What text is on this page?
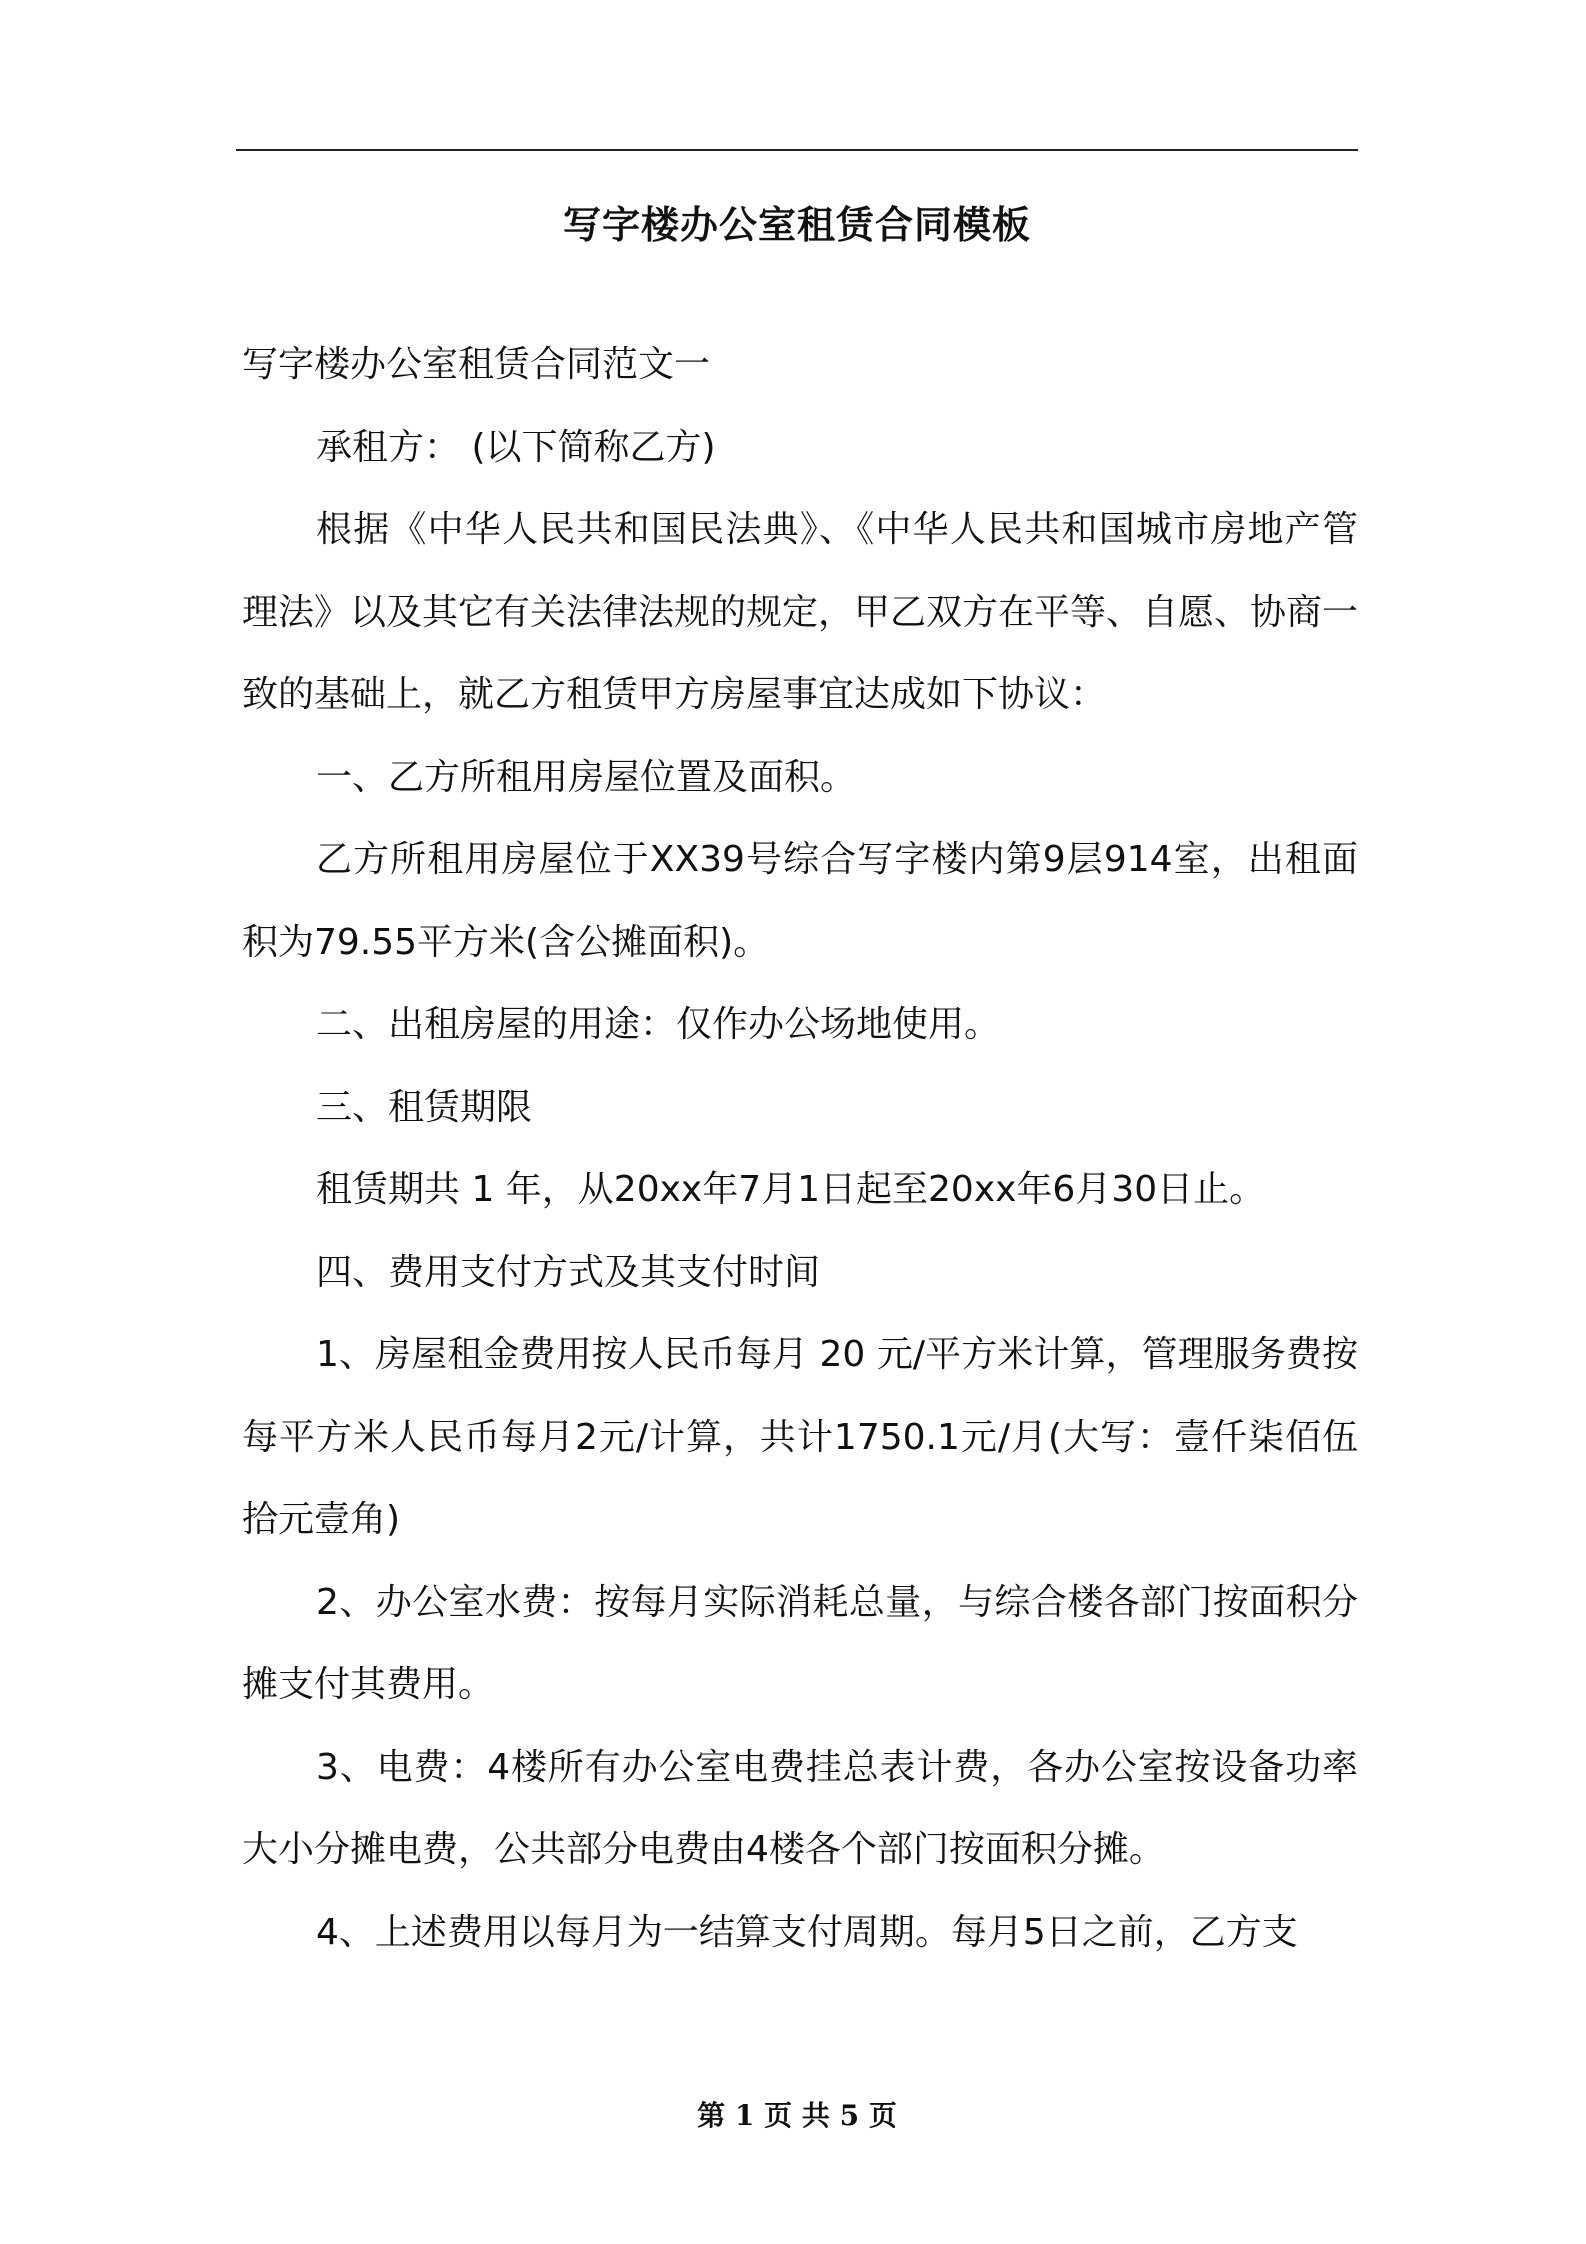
写字楼办公室租赁合同模板

写字楼办公室租赁合同范文一

承租方： (以下简称乙方)

根据《中华人民共和国民法典》、《中华人民共和国城市房地产管理法》以及其它有关法律法规的规定，甲乙双方在平等、自愿、协商一致的基础上，就乙方租赁甲方房屋事宜达成如下协议：

一、乙方所租用房屋位置及面积。

乙方所租用房屋位于XX39号综合写字楼内第9层914室，出租面积为79.55平方米(含公摊面积)。

二、出租房屋的用途：仅作办公场地使用。

三、租赁期限

租赁期共 1 年，从20xx年7月1日起至20xx年6月30日止。

四、费用支付方式及其支付时间

1、房屋租金费用按人民币每月 20 元/平方米计算，管理服务费按每平方米人民币每月2元/计算，共计1750.1元/月(大写：壹仟柒佰伍拾元壹角)

2、办公室水费：按每月实际消耗总量，与综合楼各部门按面积分摊支付其费用。

3、电费：4楼所有办公室电费挂总表计费，各办公室按设备功率大小分摊电费，公共部分电费由4楼各个部门按面积分摊。

4、上述费用以每月为一结算支付周期。每月5日之前，乙方支

第 1 页 共 5 页
